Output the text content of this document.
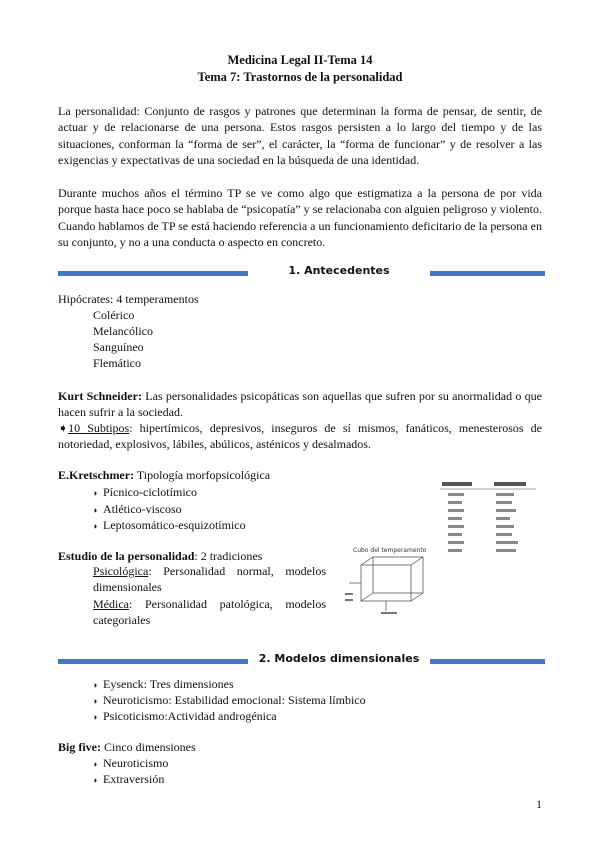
Medicina Legal II-Tema 14
Tema 7: Trastornos de la personalidad
La personalidad: Conjunto de rasgos y patrones que determinan la forma de pensar, de sentir, de actuar y de relacionarse de una persona. Estos rasgos persisten a lo largo del tiempo y de las situaciones, conforman la “forma de ser”, el carácter, la “forma de funcionar” y de resolver a las exigencias y expectativas de una sociedad en la búsqueda de una identidad.
Durante muchos años el término TP se ve como algo que estigmatiza a la persona de por vida porque hasta hace poco se hablaba de “psicopatía” y se relacionaba con alguien peligroso y violento. Cuando hablamos de TP se está haciendo referencia a un funcionamiento deficitario de la persona en su conjunto, y no a una conducta o aspecto en concreto.
1. Antecedentes
Hipócrates: 4 temperamentos
Colérico
Melancólico
Sanguíneo
Flemático
Kurt Schneider: Las personalidades psicopáticas son aquellas que sufren por su anormalidad o que hacen sufrir a la sociedad.
➧10 Subtipos: hipertímicos, depresivos, inseguros de sí mismos, fanáticos, menesterosos de notoriedad, explosivos, lábiles, abúlicos, asténicos y desalmados.
E.Kretschmer: Tipología morfopsicológica
◗ Pícnico-ciclotímico
◗ Atlético-viscoso
◗ Leptosomático-esquizotímico
Estudio de la personalidad: 2 tradiciones
Psicológica: Personalidad normal, modelos dimensionales
Médica: Personalidad patológica, modelos categoriales
Cubo del temperamento
2. Modelos dimensionales
◗ Eysenck: Tres dimensiones
◗ Neuroticismo: Estabilidad emocional: Sistema límbico
◗ Psicoticismo:Actividad androgénica
Big five: Cinco dimensiones
◗ Neuroticismo
◗ Extraversión
1
